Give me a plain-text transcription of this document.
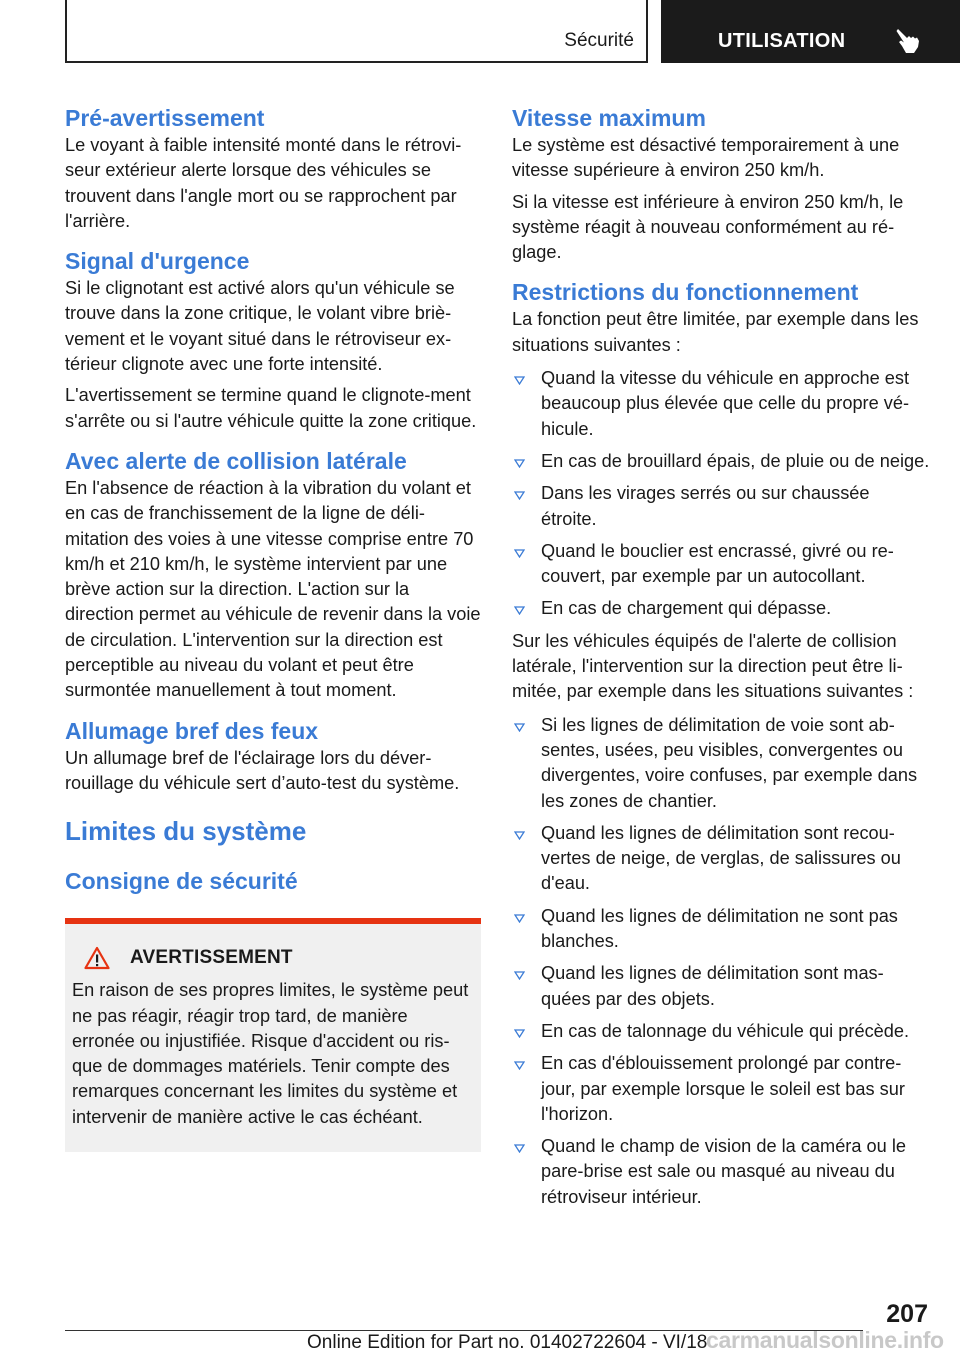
Sécurité	UTILISATION
Pré-avertissement

Le voyant à faible intensité monté dans le rétrovi-seur extérieur alerte lorsque des véhicules se trouvent dans l'angle mort ou se rapprochent par l'arrière.

Signal d'urgence

Si le clignotant est activé alors qu'un véhicule se trouve dans la zone critique, le volant vibre briè-vement et le voyant situé dans le rétroviseur ex-térieur clignote avec une forte intensité.

L'avertissement se termine quand le clignote-ment s'arrête ou si l'autre véhicule quitte la zone critique.

Avec alerte de collision latérale

En l'absence de réaction à la vibration du volant et en cas de franchissement de la ligne de déli-mitation des voies à une vitesse comprise entre 70 km/h et 210 km/h, le système intervient par une brève action sur la direction. L'action sur la direction permet au véhicule de revenir dans la voie de circulation. L'intervention sur la direction est perceptible au niveau du volant et peut être surmontée manuellement à tout moment.

Allumage bref des feux

Un allumage bref de l'éclairage lors du déver-rouillage du véhicule sert d’auto-test du système.

Limites du système
Consigne de sécurité
AVERTISSEMENT

En raison de ses propres limites, le système peut ne pas réagir, réagir trop tard, de manière erronée ou injustifiée. Risque d'accident ou ris-que de dommages matériels. Tenir compte des remarques concernant les limites du système et intervenir de manière active le cas échéant.

Vitesse maximum

Le système est désactivé temporairement à une vitesse supérieure à environ 250 km/h.

Si la vitesse est inférieure à environ 250 km/h, le système réagit à nouveau conformément au ré-glage.

Restrictions du fonctionnement

La fonction peut être limitée, par exemple dans les situations suivantes :

Quand la vitesse du véhicule en approche est beaucoup plus élevée que celle du propre vé-hicule.
En cas de brouillard épais, de pluie ou de neige.
Dans les virages serrés ou sur chaussée étroite.
Quand le bouclier est encrassé, givré ou re-couvert, par exemple par un autocollant.
En cas de chargement qui dépasse.

Sur les véhicules équipés de l'alerte de collision latérale, l'intervention sur la direction peut être li-mitée, par exemple dans les situations suivantes :

Si les lignes de délimitation de voie sont ab-sentes, usées, peu visibles, convergentes ou divergentes, voire confuses, par exemple dans les zones de chantier.
Quand les lignes de délimitation sont recou-vertes de neige, de verglas, de salissures ou d'eau.
Quand les lignes de délimitation ne sont pas blanches.
Quand les lignes de délimitation sont mas-quées par des objets.
En cas de talonnage du véhicule qui précède.
En cas d'éblouissement prolongé par contre-jour, par exemple lorsque le soleil est bas sur l'horizon.
Quand le champ de vision de la caméra ou le pare-brise est sale ou masqué au niveau du rétroviseur intérieur.
207
Online Edition for Part no. 01402722604 - VI/18
carmanualsonline.info
